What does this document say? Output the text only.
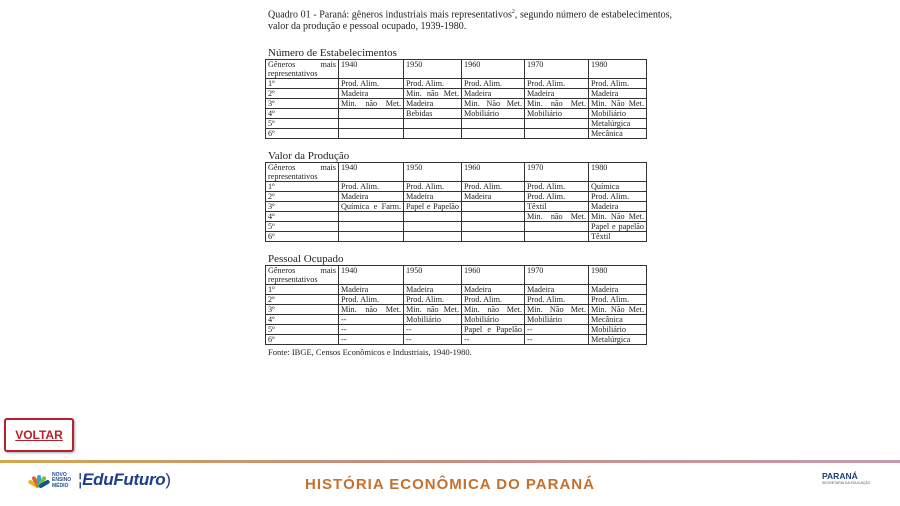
Quadro 01 - Paraná: gêneros industriais mais representativos$^2$, segundo número de estabelecimentos, valor da produção e pessoal ocupado, 1939-1980.
Número de Estabelecimentos
Gêneros mais representativos	1940	1950	1960	1970	1980
1º	Prod. Alim.	Prod. Alim.	Prod. Alim.	Prod. Alim.	Prod. Alim.
2º	Madeira	Min. não Met.	Madeira	Madeira	Madeira
3º	Min. não Met.	Madeira	Min. Não Met.	Min. não Met.	Min. Não Met.
4º		Bebidas	Mobiliário	Mobiliário	Mobiliário
5º					Metalúrgica
6º					Mecânica
Valor da Produção
Gêneros mais representativos	1940	1950	1960	1970	1980
1º	Prod. Alim.	Prod. Alim.	Prod. Alim.	Prod. Alim.	Química
2º	Madeira	Madeira	Madeira	Prod. Alim.	Prod. Alim.
3º	Química e Farm.	Papel e Papelão		Têxtil	Madeira
4º				Min. não Met.	Min. Não Met.
5º					Papel e papelão
6º					Têxtil
Pessoal Ocupado
Gêneros mais representativos	1940	1950	1960	1970	1980
1º	Madeira	Madeira	Madeira	Madeira	Madeira
2º	Prod. Alim.	Prod. Alim.	Prod. Alim.	Prod. Alim.	Prod. Alim.
3º	Min. não Met.	Min. não Met.	Min. não Met.	Min. Não Met.	Min. Não Met.
4º	--	Mobiliário	Mobiliário	Mobiliário	Mecânica
5º	--	--	Papel e Papelão	--	Mobiliário
6º	--	--	--	--	Metalúrgica
Fonte: IBGE, Censos Econômicos e Industriais, 1940-1980.
VOLTAR
NOVO
ENSINO
MÉDIO ¦EduFuturo)	HISTÓRIA ECONÔMICA DO PARANÁ	PARANÁ
SECRETARIA DA EDUCAÇÃO
